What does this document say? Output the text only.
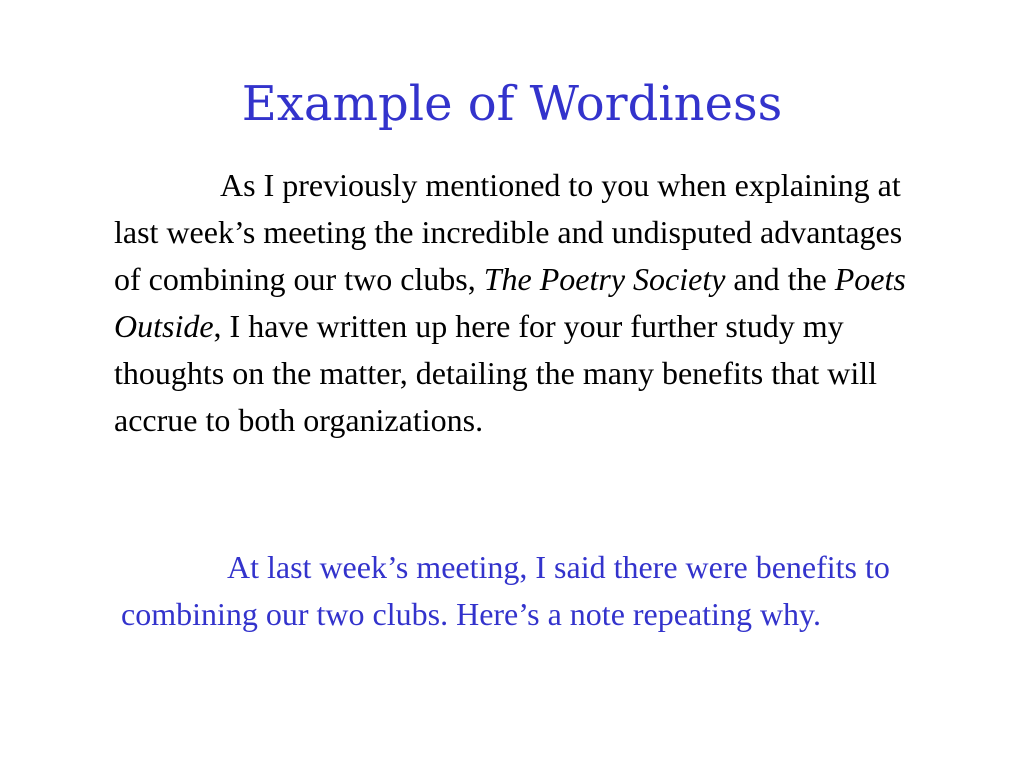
Example of Wordiness

As I previously mentioned to you when explaining at last week’s meeting the incredible and undisputed advantages of combining our two clubs, The Poetry Society and the Poets Outside, I have written up here for your further study my thoughts on the matter, detailing the many benefits that will accrue to both organizations.

At last week’s meeting, I said there were benefits to combining our two clubs. Here’s a note repeating why.
